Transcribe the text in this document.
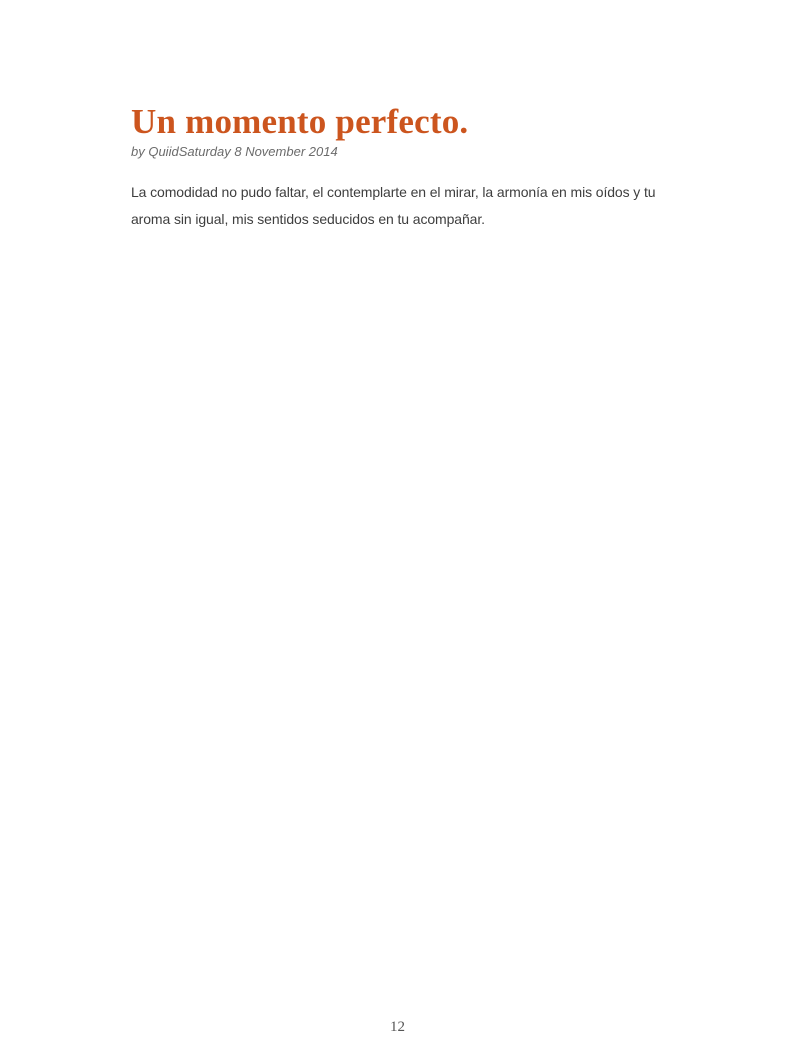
Un momento perfecto.

by QuiidSaturday 8 November 2014

La comodidad no pudo faltar, el contemplarte en el mirar, la armonía en mis oídos y tu
aroma sin igual, mis sentidos seducidos en tu acompañar.
12
